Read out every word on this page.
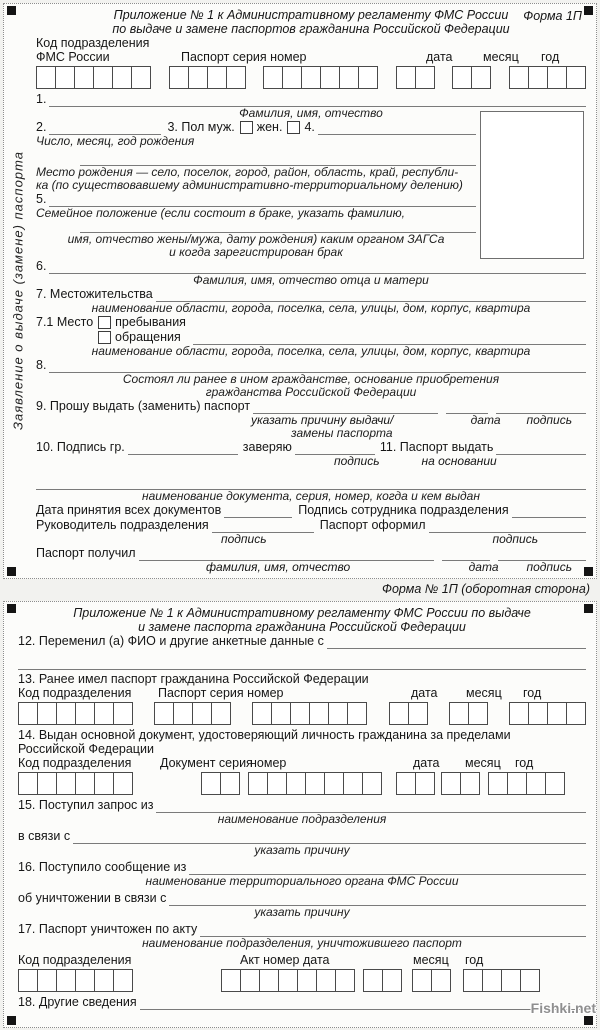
Заявление о выдаче (замене) паспорта
Приложение № 1 к Административному регламенту ФМС России	Форма 1П
по выдаче и замене паспортов гражданина Российской Федерации
Код подразделения
ФМС России	Паспорт серия номер	дата месяц год
1.
Фамилия, имя, отчество
2.	3. Пол муж. жен. 4.
Число, месяц, год рождения
Место рождения — село, поселок, город, район, область, край, республи-
ка (по существовавшему административно-территориальному делению)
5.
Семейное положение (если состоит в браке, указать фамилию,
имя, отчество жены/мужа, дату рождения) каким органом ЗАГСа
и когда зарегистрирован брак
6.
Фамилия, имя, отчество отца и матери
7. Местожительства
наименование области, города, поселка, села, улицы, дом, корпус, квартира
7.1 Место пребывания
обращения
наименование области, города, поселка, села, улицы, дом, корпус, квартира
8.
Состоял ли ранее в ином гражданстве, основание приобретения
гражданства Российской Федерации
9. Прошу выдать (заменить) паспорт
указать причину выдачи/	дата подпись
замены паспорта
10. Подпись гр.	заверяю	11. Паспорт выдать
подпись	на основании
наименование документа, серия, номер, когда и кем выдан
Дата принятия всех документов	Подпись сотрудника подразделения
Руководитель подразделения	Паспорт оформил
подпись	подпись
Паспорт получил
фамилия, имя, отчество	дата подпись
Форма № 1П (оборотная сторона)
Приложение № 1 к Административному регламенту ФМС России по выдаче
и замене паспорта гражданина Российской Федерации
12. Переменил (а) ФИО и другие анкетные данные с
13. Ранее имел паспорт гражданина Российской Федерации
Код подразделения Паспорт серия номер	дата месяц год
14. Выдан основной документ, удостоверяющий личность гражданина за пределами
Российской Федерации
Код подразделения Документ серия
номер	дата месяц год
15. Поступил запрос из
наименование подразделения
в связи с
указать причину
16. Поступило сообщение из
наименование территориального органа ФМС России
об уничтожении в связи с
указать причину
17. Паспорт уничтожен по акту
наименование подразделения, уничтожившего паспорт
Код подразделения	Акт номер дата	месяц год
18. Другие сведения	Fishki.net
